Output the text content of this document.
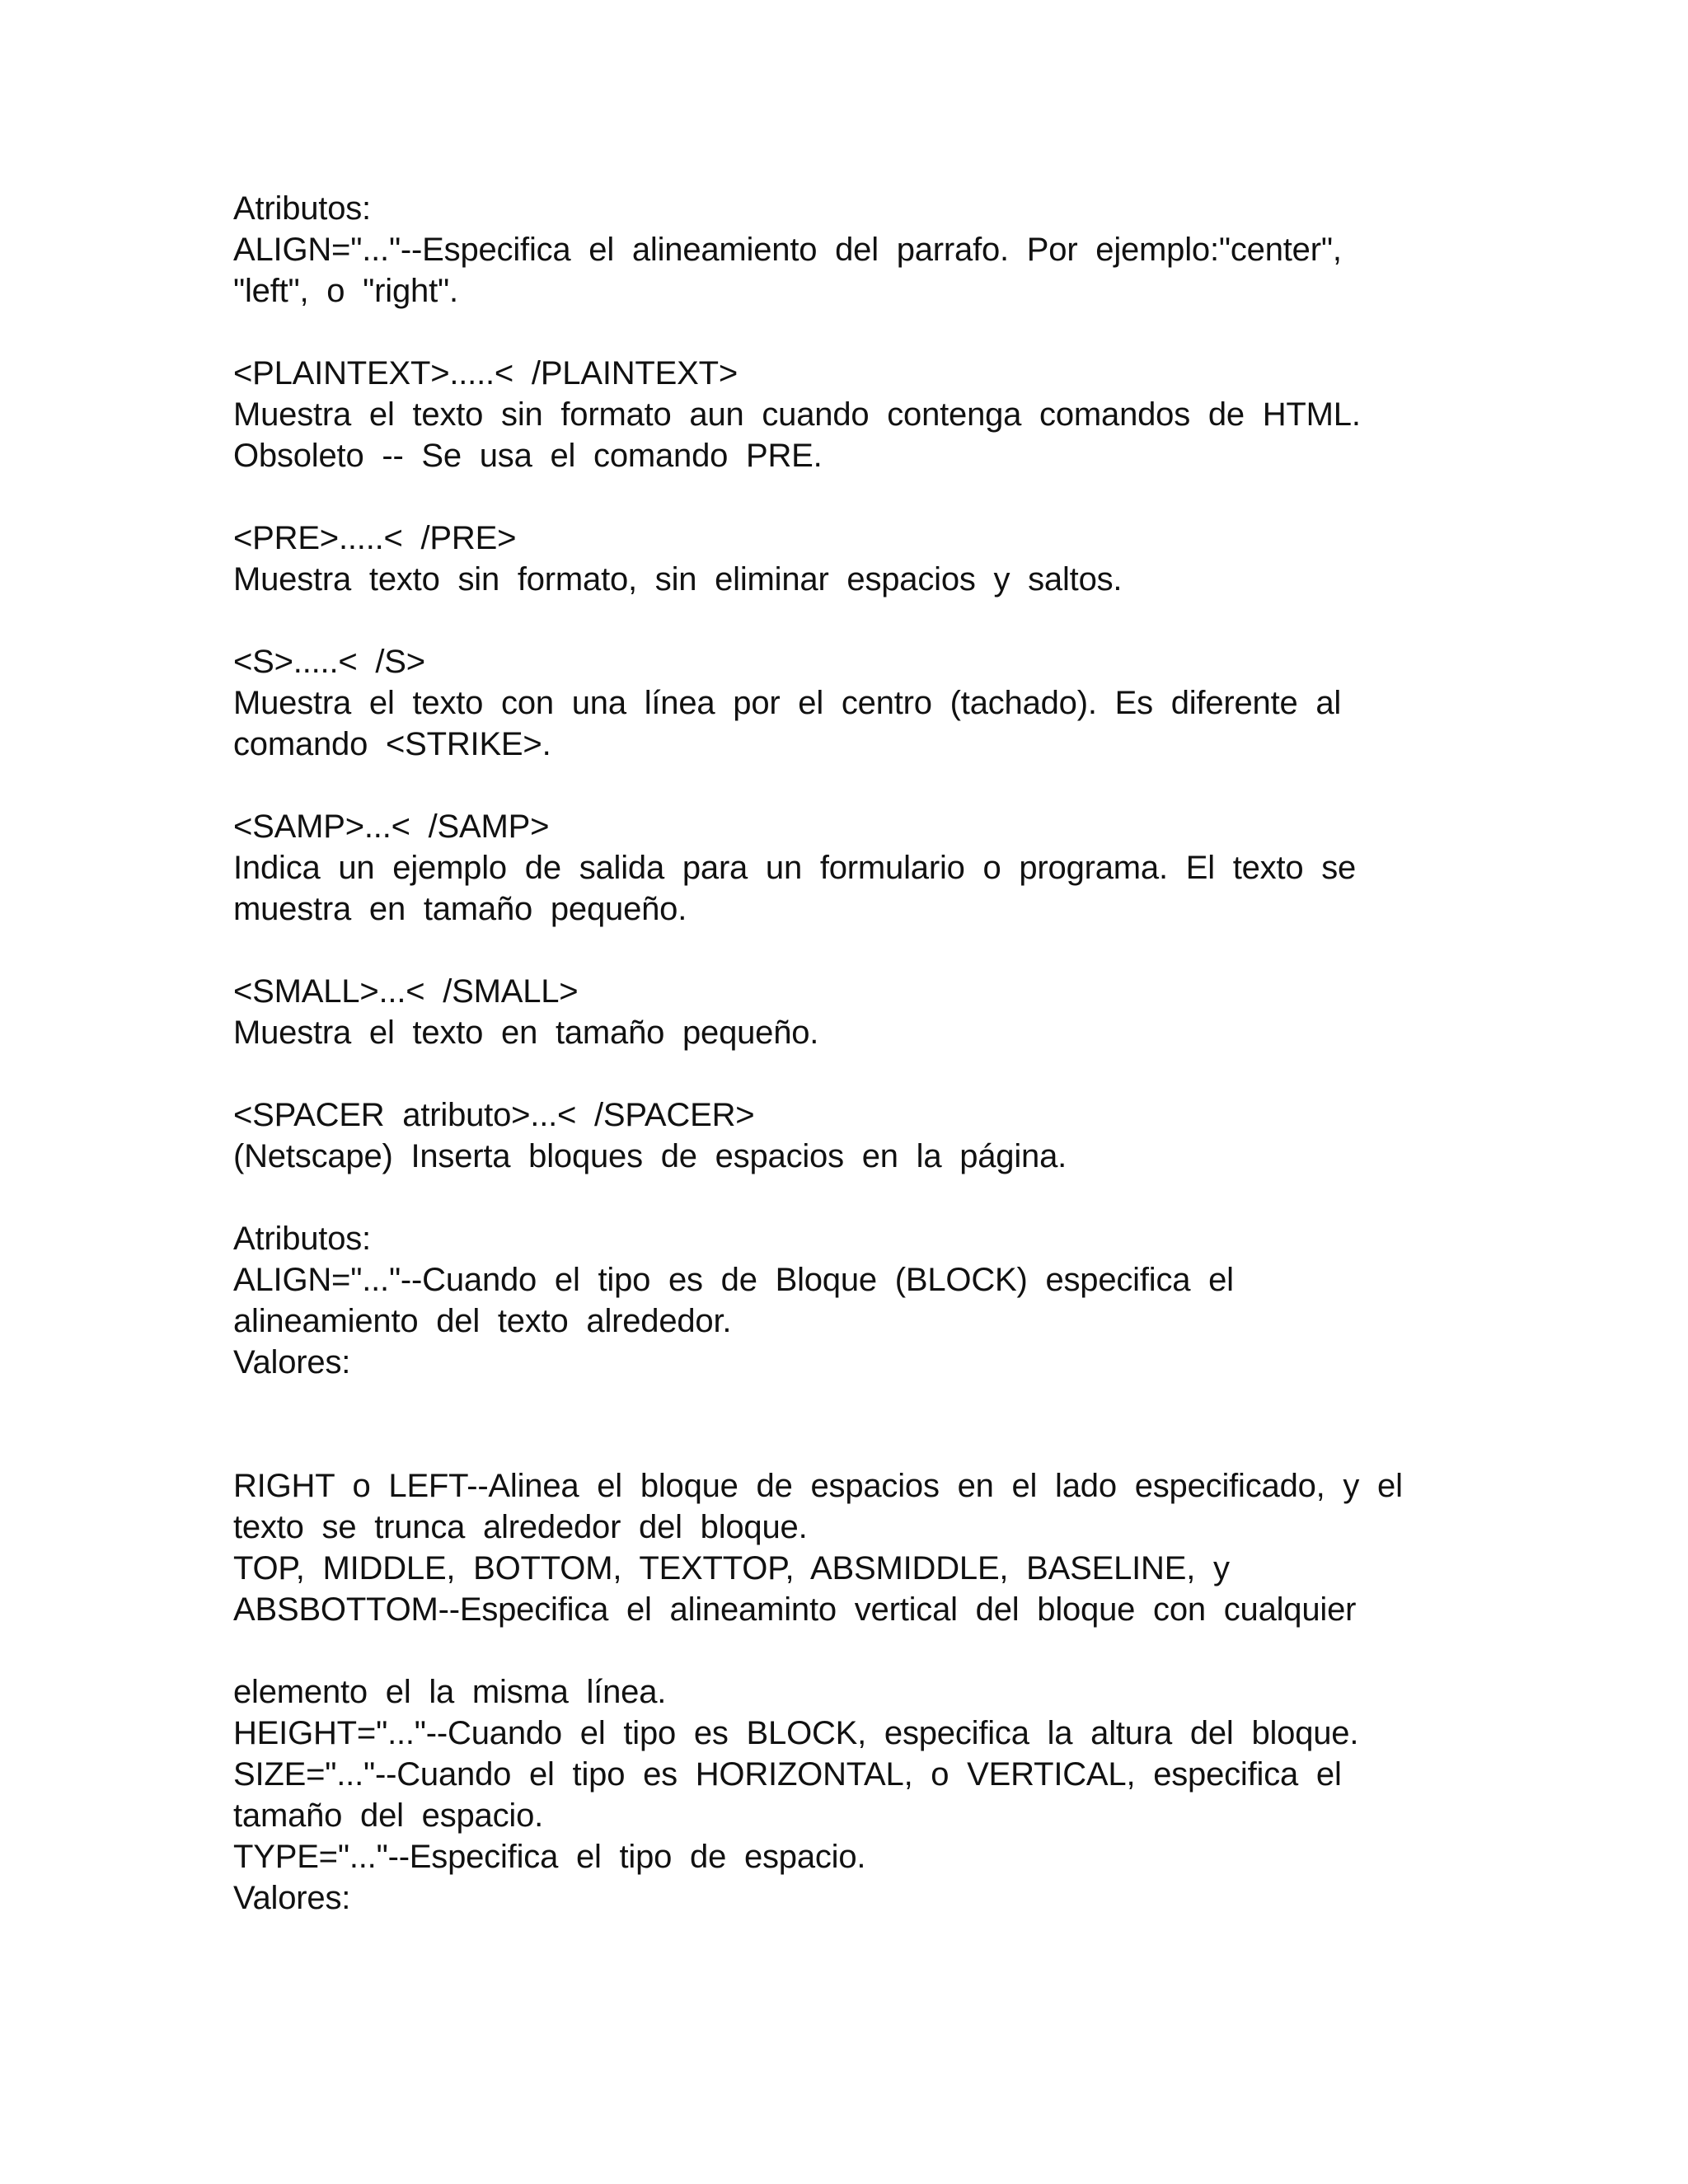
Atributos:
ALIGN="..."--Especifica  el  alineamiento  del  parrafo.  Por  ejemplo:"center",
"left",  o  "right".
<PLAINTEXT>.....<  /PLAINTEXT>
Muestra  el  texto  sin  formato  aun  cuando  contenga  comandos  de  HTML.
Obsoleto  --  Se  usa  el  comando  PRE.
<PRE>.....<  /PRE>
Muestra  texto  sin  formato,  sin  eliminar  espacios  y  saltos.
<S>.....<  /S>
Muestra  el  texto  con  una  línea  por  el  centro  (tachado).  Es  diferente  al
comando  <STRIKE>.
<SAMP>...<  /SAMP>
Indica  un  ejemplo  de  salida  para  un  formulario  o  programa.  El  texto  se
muestra  en  tamaño  pequeño.
<SMALL>...<  /SMALL>
Muestra  el  texto  en  tamaño  pequeño.
<SPACER  atributo>...<  /SPACER>
(Netscape)  Inserta  bloques  de  espacios  en  la  página.
Atributos:
ALIGN="..."--Cuando  el  tipo  es  de  Bloque  (BLOCK)  especifica  el
alineamiento  del  texto  alrededor.
Valores:
RIGHT  o  LEFT--Alinea  el  bloque  de  espacios  en  el  lado  especificado,  y  el
texto  se  trunca  alrededor  del  bloque.
TOP,  MIDDLE,  BOTTOM,  TEXTTOP,  ABSMIDDLE,  BASELINE,  y
ABSBOTTOM--Especifica  el  alineaminto  vertical  del  bloque  con  cualquier
elemento  el  la  misma  línea.
HEIGHT="..."--Cuando  el  tipo  es  BLOCK,  especifica  la  altura  del  bloque.
SIZE="..."--Cuando  el  tipo  es  HORIZONTAL,  o  VERTICAL,  especifica  el
tamaño  del  espacio.
TYPE="..."--Especifica  el  tipo  de  espacio.
Valores:
